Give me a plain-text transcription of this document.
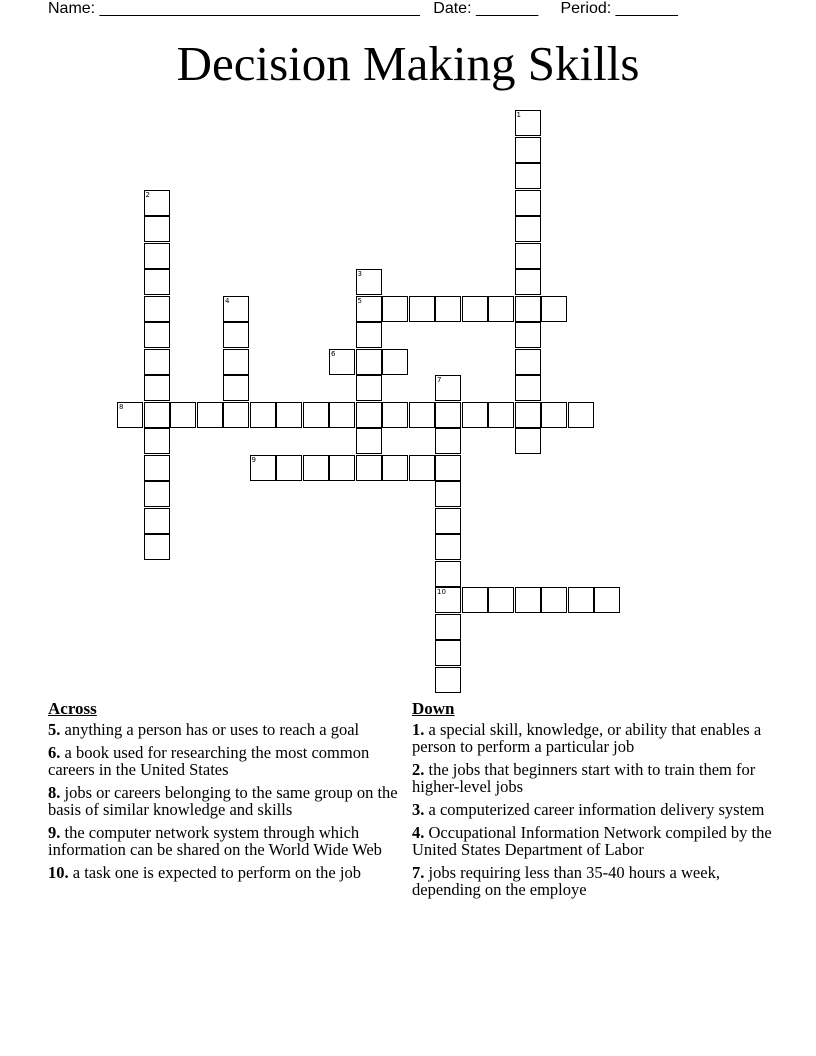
Name: ____________________________________ Date: _______ Period: _______
Decision Making Skills
1
2
3
5
4
6
7
10
8
9
Across
5. anything a person has or uses to reach a goal
6. a book used for researching the most common careers in the United States
8. jobs or careers belonging to the same group on the basis of similar knowledge and skills
9. the computer network system through which information can be shared on the World Wide Web
10. a task one is expected to perform on the job
Down
1. a special skill, knowledge, or ability that enables a person to perform a particular job
2. the jobs that beginners start with to train them for higher-level jobs
3. a computerized career information delivery system
4. Occupational Information Network compiled by the United States Department of Labor
7. jobs requiring less than 35-40 hours a week, depending on the employe
